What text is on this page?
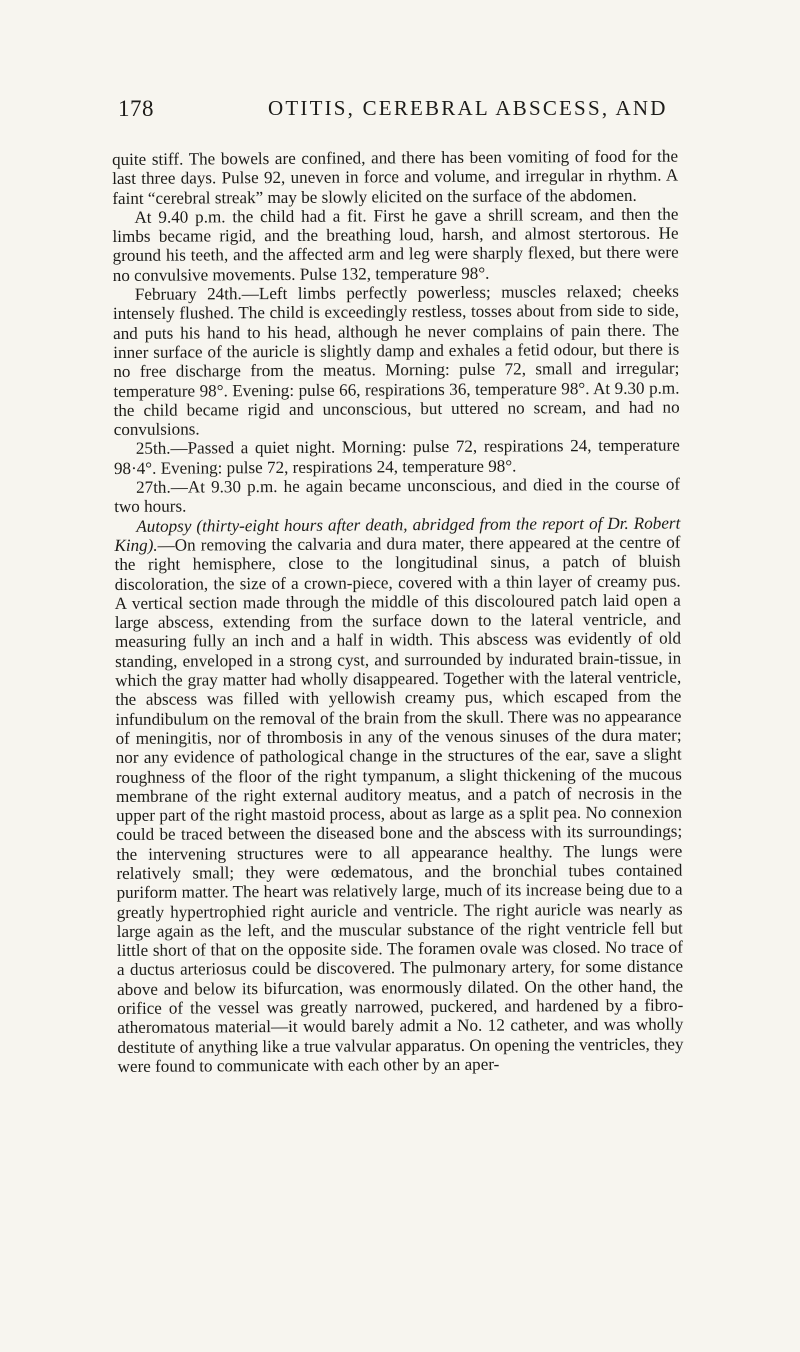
178	OTITIS, CEREBRAL ABSCESS, AND

quite stiff. The bowels are confined, and there has been vomiting of food for the last three days. Pulse 92, uneven in force and volume, and irregular in rhythm. A faint “cerebral streak” may be slowly elicited on the surface of the abdomen.

At 9.40 p.m. the child had a fit. First he gave a shrill scream, and then the limbs became rigid, and the breathing loud, harsh, and almost stertorous. He ground his teeth, and the affected arm and leg were sharply flexed, but there were no convulsive movements. Pulse 132, temperature 98°.

February 24th.—Left limbs perfectly powerless; muscles relaxed; cheeks intensely flushed. The child is exceedingly restless, tosses about from side to side, and puts his hand to his head, although he never complains of pain there. The inner surface of the auricle is slightly damp and exhales a fetid odour, but there is no free discharge from the meatus. Morning: pulse 72, small and irregular; temperature 98°. Evening: pulse 66, respirations 36, temperature 98°. At 9.30 p.m. the child became rigid and unconscious, but uttered no scream, and had no convulsions.

25th.—Passed a quiet night. Morning: pulse 72, respirations 24, temperature 98·4°. Evening: pulse 72, respirations 24, temperature 98°.

27th.—At 9.30 p.m. he again became unconscious, and died in the course of two hours.

Autopsy (thirty-eight hours after death, abridged from the report of Dr. Robert King).—On removing the calvaria and dura mater, there appeared at the centre of the right hemisphere, close to the longitudinal sinus, a patch of bluish discoloration, the size of a crown-piece, covered with a thin layer of creamy pus. A vertical section made through the middle of this discoloured patch laid open a large abscess, extending from the surface down to the lateral ventricle, and measuring fully an inch and a half in width. This abscess was evidently of old standing, enveloped in a strong cyst, and surrounded by indurated brain-tissue, in which the gray matter had wholly disappeared. Together with the lateral ventricle, the abscess was filled with yellowish creamy pus, which escaped from the infundibulum on the removal of the brain from the skull. There was no appearance of meningitis, nor of thrombosis in any of the venous sinuses of the dura mater; nor any evidence of pathological change in the structures of the ear, save a slight roughness of the floor of the right tympanum, a slight thickening of the mucous membrane of the right external auditory meatus, and a patch of necrosis in the upper part of the right mastoid process, about as large as a split pea. No connexion could be traced between the diseased bone and the abscess with its surroundings; the intervening structures were to all appearance healthy. The lungs were relatively small; they were œdematous, and the bronchial tubes contained puriform matter. The heart was relatively large, much of its increase being due to a greatly hypertrophied right auricle and ventricle. The right auricle was nearly as large again as the left, and the muscular substance of the right ventricle fell but little short of that on the opposite side. The foramen ovale was closed. No trace of a ductus arteriosus could be discovered. The pulmonary artery, for some distance above and below its bifurcation, was enormously dilated. On the other hand, the orifice of the vessel was greatly narrowed, puckered, and hardened by a fibro-atheromatous material—it would barely admit a No. 12 catheter, and was wholly destitute of anything like a true valvular apparatus. On opening the ventricles, they were found to communicate with each other by an aper-
